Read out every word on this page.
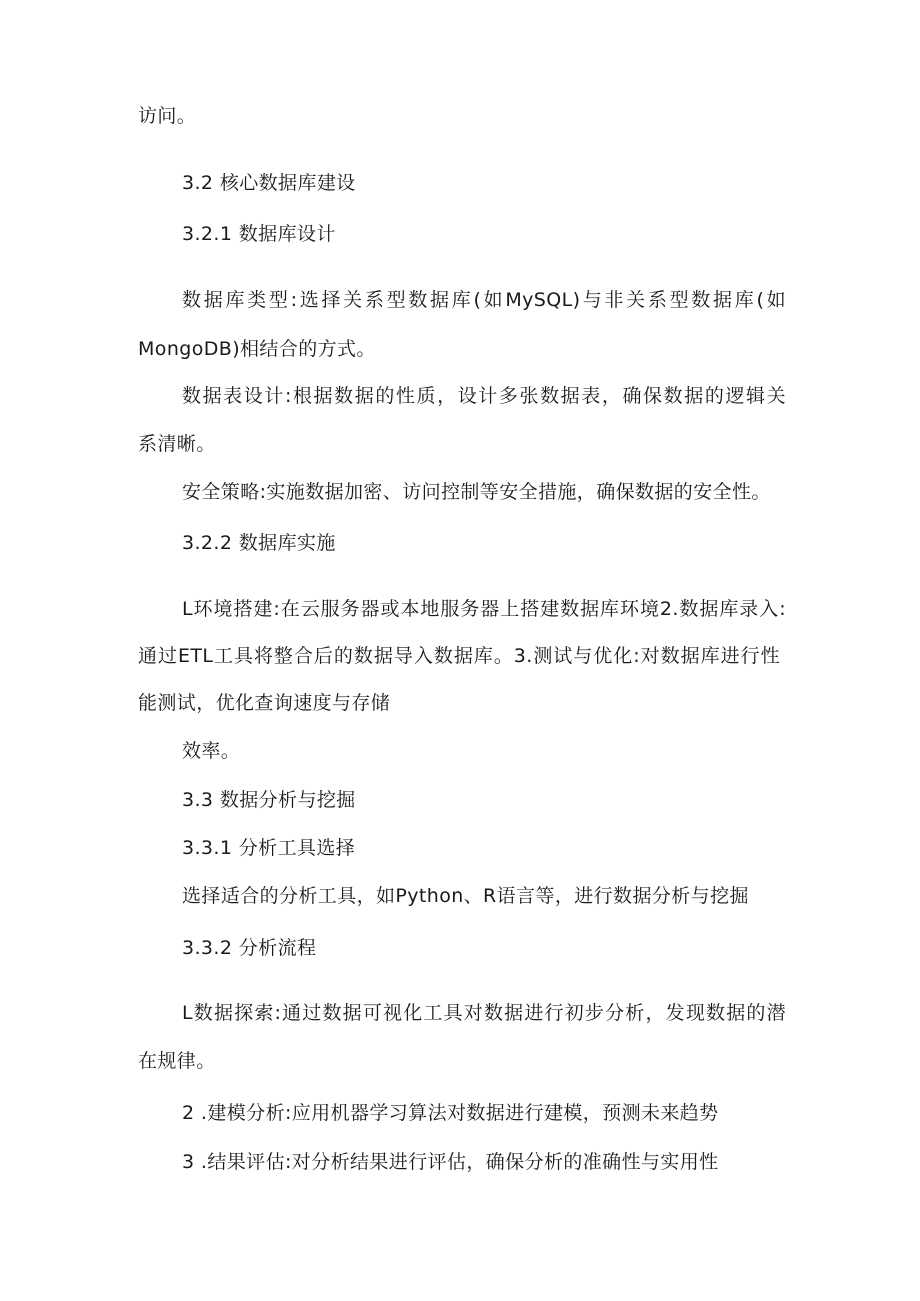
访问。

3.2 核心数据库建设

3.2.1 数据库设计

数据库类型:选择关系型数据库(如MySQL)与非关系型数据库(如

MongoDB)相结合的方式。

数据表设计:根据数据的性质，设计多张数据表，确保数据的逻辑关

系清晰。

安全策略:实施数据加密、访问控制等安全措施，确保数据的安全性。

3.2.2 数据库实施

L环境搭建:在云服务器或本地服务器上搭建数据库环境2.数据库录入:

通过ETL工具将整合后的数据导入数据库。3.测试与优化:对数据库进行性

能测试，优化查询速度与存储

效率。

3.3 数据分析与挖掘

3.3.1 分析工具选择

选择适合的分析工具，如Python、R语言等，进行数据分析与挖掘

3.3.2 分析流程

L数据探索:通过数据可视化工具对数据进行初步分析，发现数据的潜

在规律。

2 .建模分析:应用机器学习算法对数据进行建模，预测未来趋势

3 .结果评估:对分析结果进行评估，确保分析的准确性与实用性
